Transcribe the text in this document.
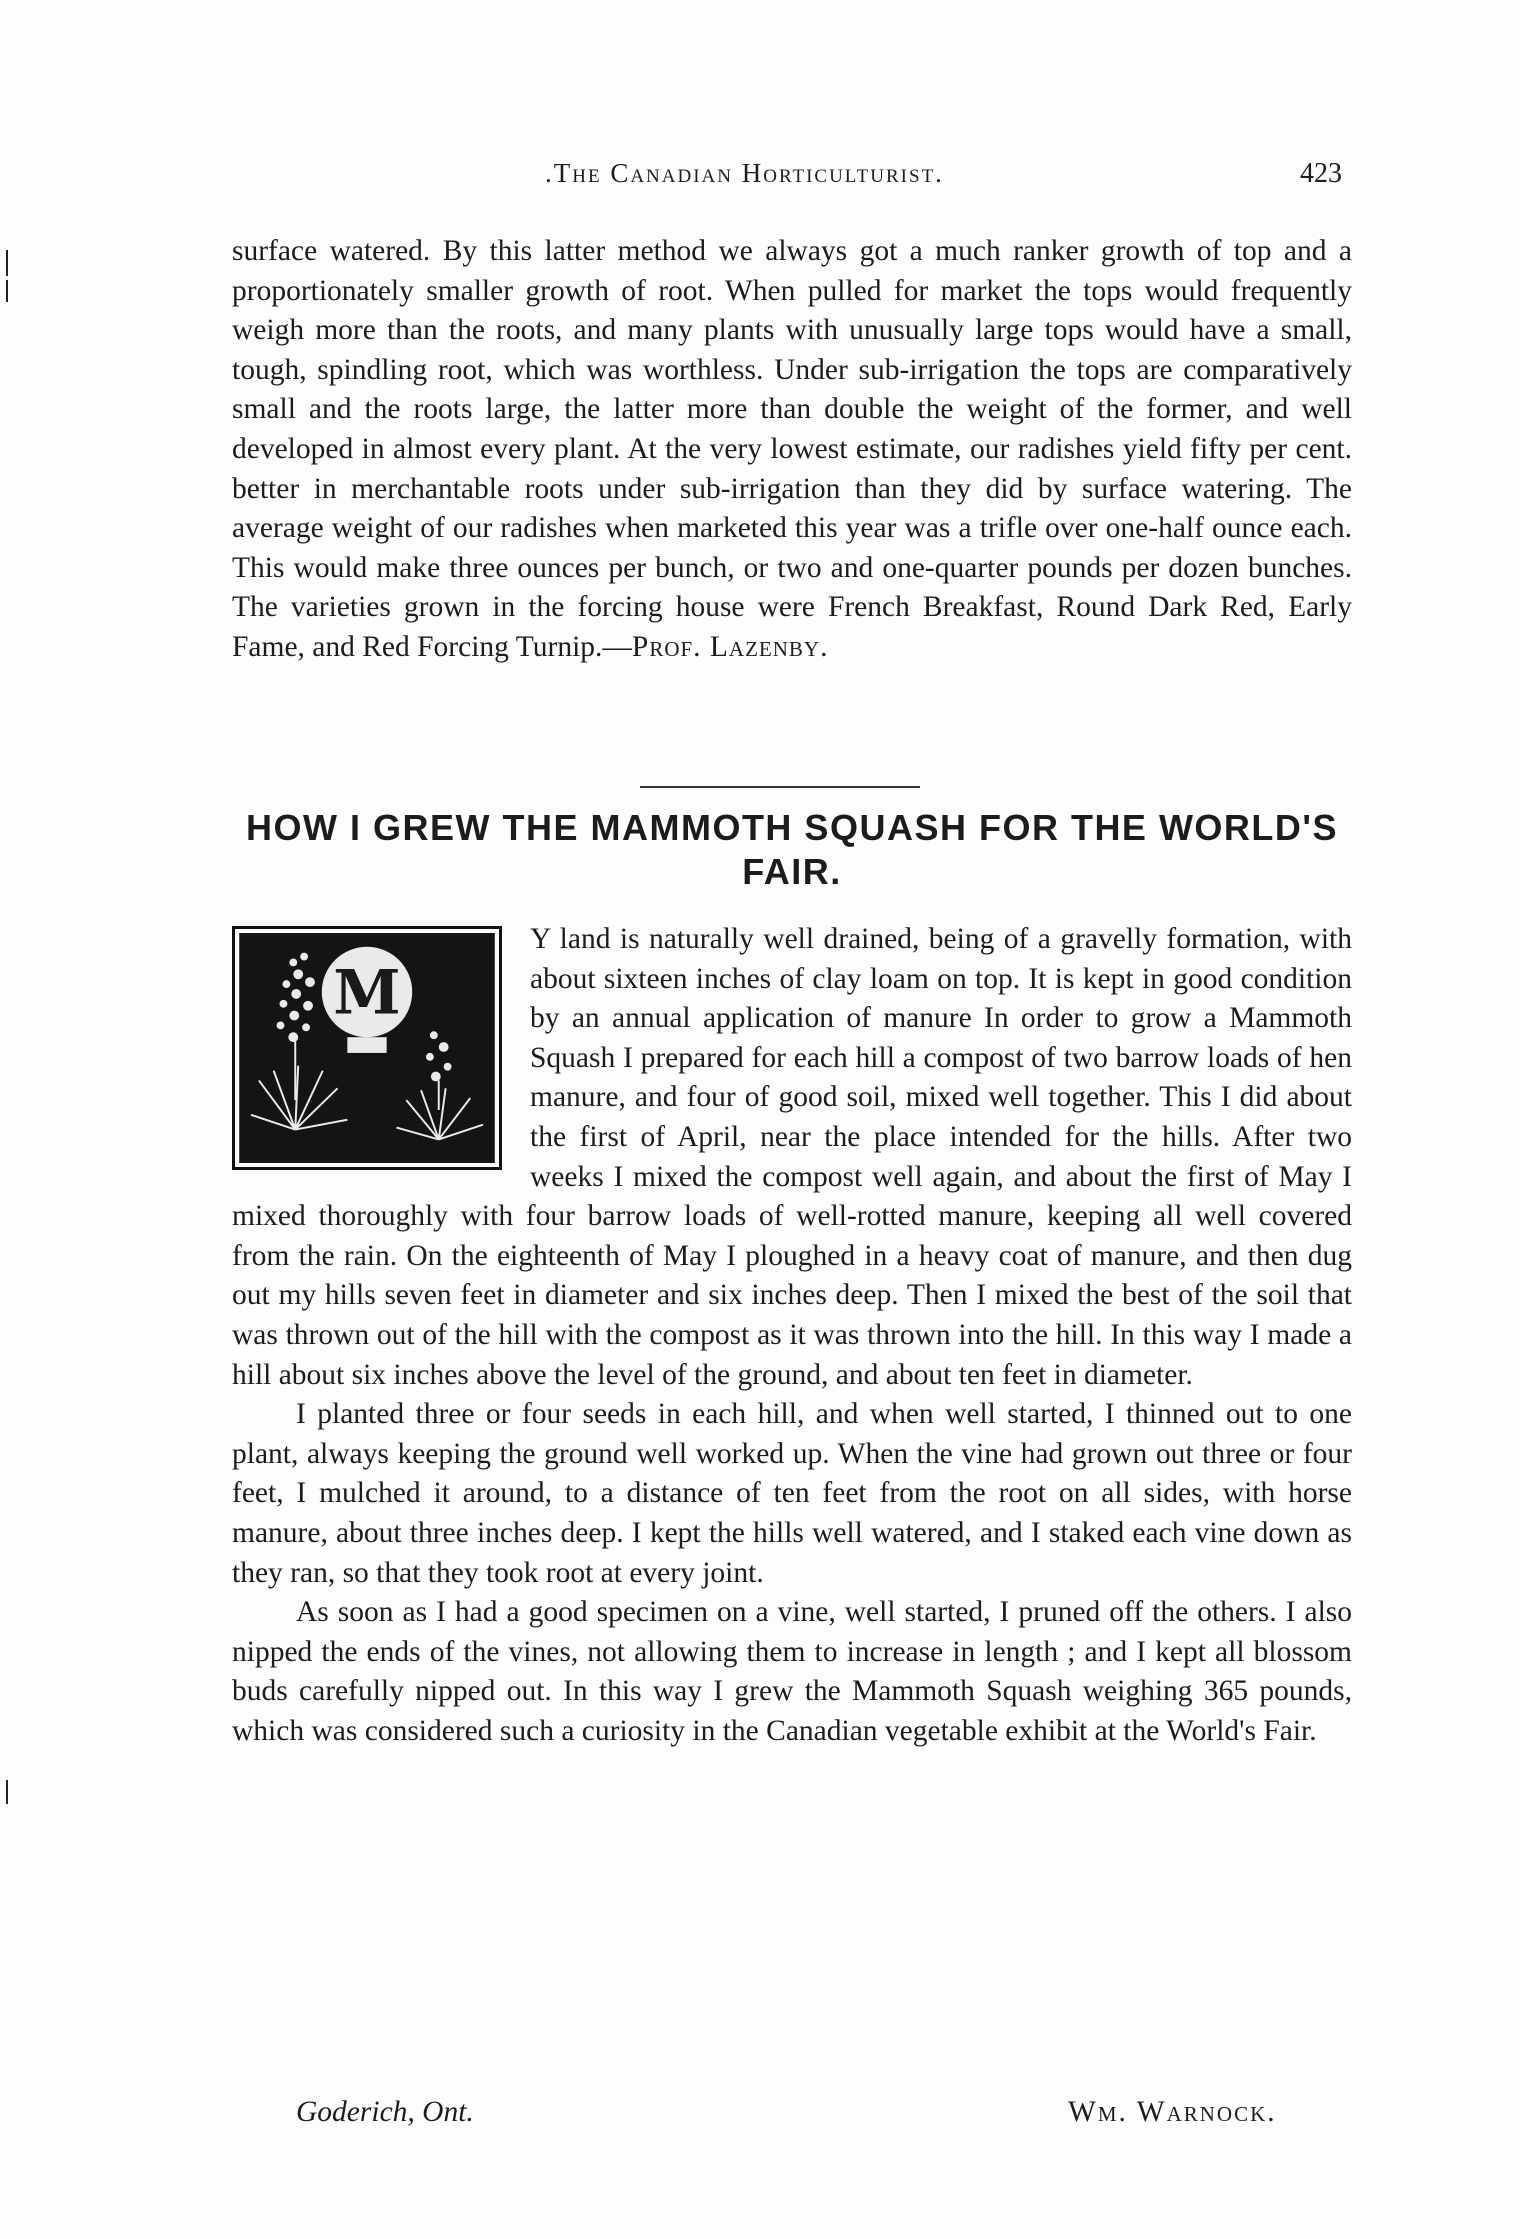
.The Canadian Horticulturist.	423
surface watered. By this latter method we always got a much ranker growth of top and a proportionately smaller growth of root. When pulled for market the tops would frequently weigh more than the roots, and many plants with unusually large tops would have a small, tough, spindling root, which was worthless. Under sub-irrigation the tops are comparatively small and the roots large, the latter more than double the weight of the former, and well developed in almost every plant. At the very lowest estimate, our radishes yield fifty per cent. better in merchantable roots under sub-irrigation than they did by surface watering. The average weight of our radishes when marketed this year was a trifle over one-half ounce each. This would make three ounces per bunch, or two and one-quarter pounds per dozen bunches. The varieties grown in the forcing house were French Breakfast, Round Dark Red, Early Fame, and Red Forcing Turnip.—Prof. Lazenby.
HOW I GREW THE MAMMOTH SQUASH FOR THE WORLD'S FAIR.
M

Y land is naturally well drained, being of a gravelly formation, with about sixteen inches of clay loam on top. It is kept in good condition by an annual application of manure In order to grow a Mammoth Squash I prepared for each hill a compost of two barrow loads of hen manure, and four of good soil, mixed well together. This I did about the first of April, near the place intended for the hills. After two weeks I mixed the compost well again, and about the first of May I mixed thoroughly with four barrow loads of well-rotted manure, keeping all well covered from the rain. On the eighteenth of May I ploughed in a heavy coat of manure, and then dug out my hills seven feet in diameter and six inches deep. Then I mixed the best of the soil that was thrown out of the hill with the compost as it was thrown into the hill. In this way I made a hill about six inches above the level of the ground, and about ten feet in diameter.

I planted three or four seeds in each hill, and when well started, I thinned out to one plant, always keeping the ground well worked up. When the vine had grown out three or four feet, I mulched it around, to a distance of ten feet from the root on all sides, with horse manure, about three inches deep. I kept the hills well watered, and I staked each vine down as they ran, so that they took root at every joint.

As soon as I had a good specimen on a vine, well started, I pruned off the others. I also nipped the ends of the vines, not allowing them to increase in length ; and I kept all blossom buds carefully nipped out. In this way I grew the Mammoth Squash weighing 365 pounds, which was considered such a curiosity in the Canadian vegetable exhibit at the World's Fair.

Goderich, Ont.	Wm. Warnock.
